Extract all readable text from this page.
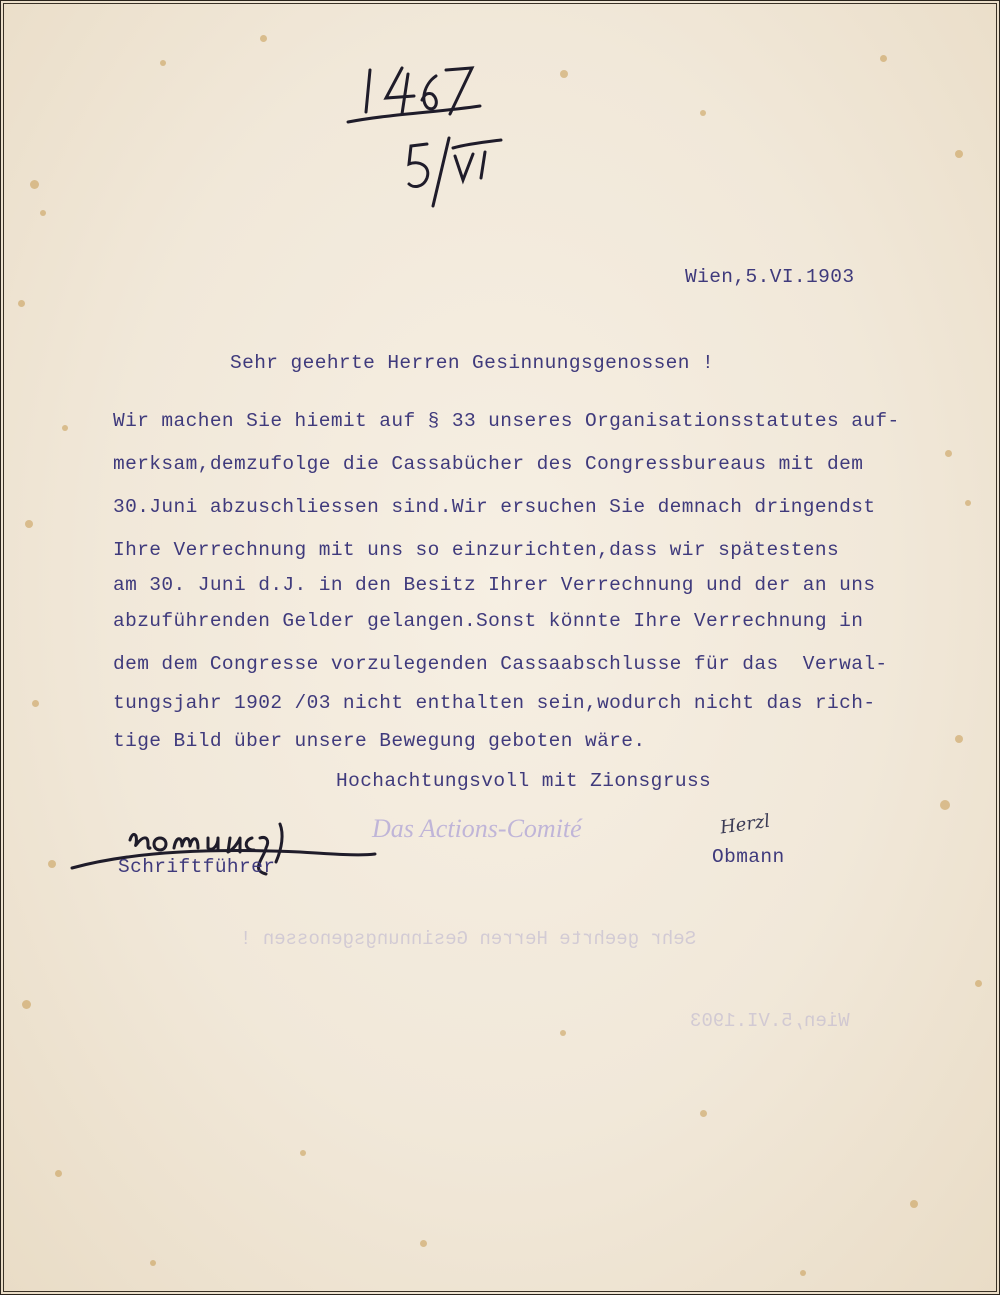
Sehr geehrte Herren Gesinnungsgenossen !
Wien,5.VI.1903
Wien,5.VI.1903
Sehr geehrte Herren Gesinnungsgenossen !
Wir machen Sie hiemit auf § 33 unseres Organisationsstatutes auf-
merksam,demzufolge die Cassabücher des Congressbureaus mit dem
30.Juni abzuschliessen sind.Wir ersuchen Sie demnach dringendst
Ihre Verrechnung mit uns so einzurichten,dass wir spätestens
am 30. Juni d.J. in den Besitz Ihrer Verrechnung und der an uns
abzuführenden Gelder gelangen.Sonst könnte Ihre Verrechnung in
dem dem Congresse vorzulegenden Cassaabschlusse für das  Verwal-
tungsjahr 1902 /03 nicht enthalten sein,wodurch nicht das rich-
tige Bild über unsere Bewegung geboten wäre.
Hochachtungsvoll mit Zionsgruss
Das Actions-Comité
Schriftführer
Herzl
Obmann
